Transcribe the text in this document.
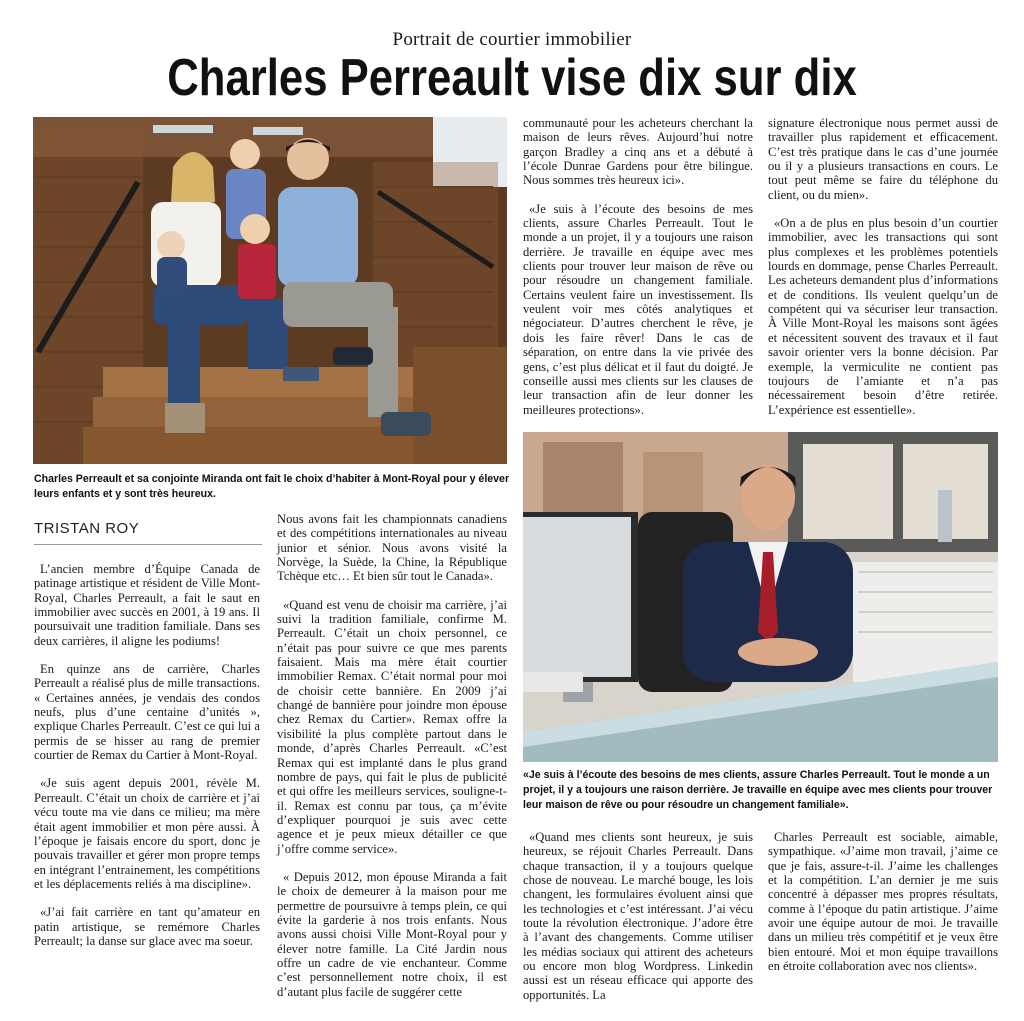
Portrait de courtier immobilier
Charles Perreault vise dix sur dix
Charles Perreault et sa conjointe Miranda ont fait le choix d’habiter à Mont-Royal pour y élever leurs enfants et y sont très heureux.
TRISTAN ROY

L’ancien membre d’Équipe Canada de patinage artistique et résident de Ville Mont-Royal, Charles Perreault, a fait le saut en immobilier avec succès en 2001, à 19 ans. Il poursuivait une tradition familiale. Dans ses deux carrières, il aligne les podiums!

En quinze ans de carrière, Charles Perreault a réalisé plus de mille transactions. « Certaines années, je vendais des condos neufs, plus d’une centaine d’unités », explique Charles Perreault. C’est ce qui lui a permis de se hisser au rang de premier courtier de Remax du Cartier à Mont-Royal.

«Je suis agent depuis 2001, révèle M. Perreault. C’était un choix de carrière et j’ai vécu toute ma vie dans ce milieu; ma mère était agent immobilier et mon père aussi. À l’époque je faisais encore du sport, donc je pouvais travailler et gérer mon propre temps en intégrant l’entrainement, les compétitions et les déplacements reliés à ma discipline».

«J’ai fait carrière en tant qu’amateur en patin artistique, se remémore Charles Perreault; la danse sur glace avec ma soeur.

Nous avons fait les championnats canadiens et des compétitions internationales au niveau junior et sénior. Nous avons visité la Norvège, la Suède, la Chine, la République Tchèque etc… Et bien sûr tout le Canada».

«Quand est venu de choisir ma carrière, j’ai suivi la tradition familiale, confirme M. Perreault. C’était un choix personnel, ce n’était pas pour suivre ce que mes parents faisaient. Mais ma mère était courtier immobilier Remax. C’était normal pour moi de choisir cette bannière. En 2009 j’ai changé de bannière pour joindre mon épouse chez Remax du Cartier». Remax offre la visibilité la plus complète partout dans le monde, d’après Charles Perreault. «C’est Remax qui est implanté dans le plus grand nombre de pays, qui fait le plus de publicité et qui offre les meilleurs services, souligne-t-il. Remax est connu par tous, ça m’évite d’expliquer pourquoi je suis avec cette agence et je peux mieux détailler ce que j’offre comme service».

« Depuis 2012, mon épouse Miranda a fait le choix de demeurer à la maison pour me permettre de poursuivre à temps plein, ce qui évite la garderie à nos trois enfants. Nous avons aussi choisi Ville Mont-Royal pour y élever notre famille. La Cité Jardin nous offre un cadre de vie enchanteur. Comme c’est personnellement notre choix, il est d’autant plus facile de suggérer cette

communauté pour les acheteurs cherchant la maison de leurs rêves. Aujourd’hui notre garçon Bradley a cinq ans et a débuté à l’école Dunrae Gardens pour être bilingue. Nous sommes très heureux ici».

«Je suis à l’écoute des besoins de mes clients, assure Charles Perreault. Tout le monde a un projet, il y a toujours une raison derrière. Je travaille en équipe avec mes clients pour trouver leur maison de rêve ou pour résoudre un changement familiale. Certains veulent faire un investissement. Ils veulent voir mes côtés analytiques et négociateur. D’autres cherchent le rêve, je dois les faire rêver! Dans le cas de séparation, on entre dans la vie privée des gens, c’est plus délicat et il faut du doigté. Je conseille aussi mes clients sur les clauses de leur transaction afin de leur donner les meilleures protections».

signature électronique nous permet aussi de travailler plus rapidement et efficacement. C’est très pratique dans le cas d’une journée ou il y a plusieurs transactions en cours. Le tout peut même se faire du téléphone du client, ou du mien».

«On a de plus en plus besoin d’un courtier immobilier, avec les transactions qui sont plus complexes et les problèmes potentiels lourds en dommage, pense Charles Perreault. Les acheteurs demandent plus d’informations et de conditions. Ils veulent quelqu’un de compétent qui va sécuriser leur transaction. À Ville Mont-Royal les maisons sont âgées et nécessitent souvent des travaux et il faut savoir orienter vers la bonne décision. Par exemple, la vermiculite ne contient pas toujours de l’amiante et n’a pas nécessairement besoin d’être retirée. L’expérience est essentielle».

«Je suis à l’écoute des besoins de mes clients, assure Charles Perreault. Tout le monde a un projet, il y a toujours une raison derrière. Je travaille en équipe avec mes clients pour trouver leur maison de rêve ou pour résoudre un changement familiale».

«Quand mes clients sont heureux, je suis heureux, se réjouit Charles Perreault. Dans chaque transaction, il y a toujours quelque chose de nouveau. Le marché bouge, les lois changent, les formulaires évoluent ainsi que les technologies et c’est intéressant. J’ai vécu toute la révolution électronique. J’adore être à l’avant des changements. Comme utiliser les médias sociaux qui attirent des acheteurs ou encore mon blog Wordpress. Linkedin aussi est un réseau efficace qui apporte des opportunités. La

Charles Perreault est sociable, aimable, sympathique. «J’aime mon travail, j’aime ce que je fais, assure-t-il. J’aime les challenges et la compétition. L’an dernier je me suis concentré à dépasser mes propres résultats, comme à l’époque du patin artistique. J’aime avoir une équipe autour de moi. Je travaille dans un milieu très compétitif et je veux être bien entouré. Moi et mon équipe travaillons en étroite collaboration avec nos clients».
